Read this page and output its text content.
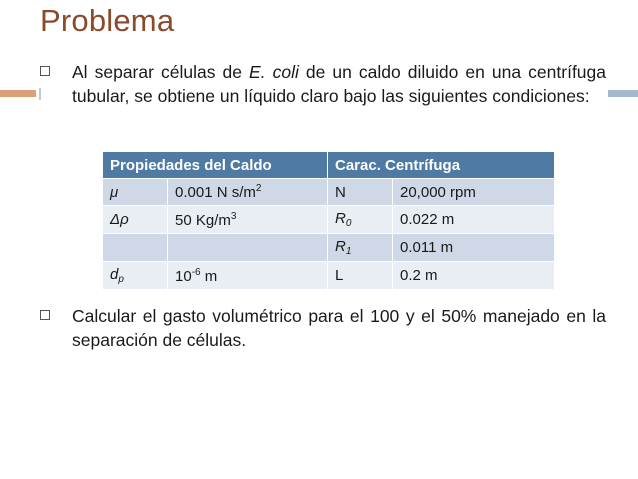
Problema
Al separar células de E. coli de un caldo diluido en una centrífuga tubular, se obtiene un líquido claro bajo las siguientes condiciones:
Propiedades del Caldo		Carac. Centrífuga	
μ	0.001 N $s/m^2$	N	20,000 rpm
Δρ	50 $Kg/m^3$	$R_0$	0.022 m
		$R_1$	0.011 m
$d_p$	$10^{-6}$ m	L	0.2 m
Calcular el gasto volumétrico para el 100 y el 50% manejado en la separación de células.
